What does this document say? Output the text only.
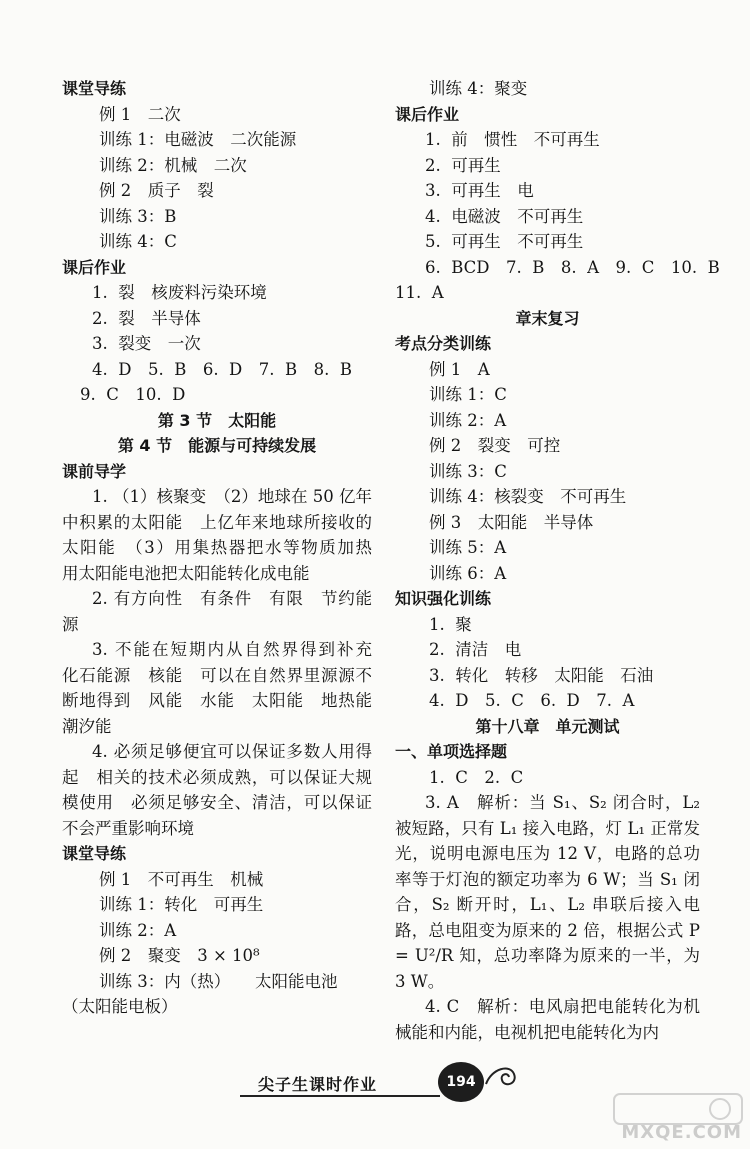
课堂导练
例 1　二次
训练 1：电磁波　二次能源
训练 2：机械　二次
例 2　质子　裂
训练 3：B
训练 4：C
课后作业
1.  裂　核废料污染环境
2.  裂　半导体
3.  裂变　一次
4.  D　5.  B　6.  D　7.  B　8.  B
9.  C　10.  D
第 3 节　太阳能
第 4 节　能源与可持续发展
课前导学
1. （1）核聚变　（2）地球在 50 亿年中积累的太阳能　上亿年来地球所接收的太阳能　（3）用集热器把水等物质加热　用太阳能电池把太阳能转化成电能
2. 有方向性　有条件　有限　节约能源
3. 不能在短期内从自然界得到补充　化石能源　核能　可以在自然界里源源不断地得到　风能　水能　太阳能　地热能　潮汐能
4. 必须足够便宜可以保证多数人用得起　相关的技术必须成熟，可以保证大规模使用　必须足够安全、清洁，可以保证不会严重影响环境
课堂导练
例 1　不可再生　机械
训练 1：转化　可再生
训练 2：A
例 2　聚变　3 × 10⁸
训练 3：内（热）　　太阳能电池
（太阳能电板）
训练 4：聚变
课后作业
1.  前　惯性　不可再生
2.  可再生
3.  可再生　电
4.  电磁波　不可再生
5.  可再生　不可再生
6.  BCD　7.  B　8.  A　9.  C　10.  B
11.  A
章末复习
考点分类训练
例 1　A
训练 1：C
训练 2：A
例 2　裂变　可控
训练 3：C
训练 4：核裂变　不可再生
例 3　太阳能　半导体
训练 5：A
训练 6：A
知识强化训练
1.  聚
2.  清洁　电
3.  转化　转移　太阳能　石油
4.  D　5.  C　6.  D　7.  A
第十八章　单元测试
一、单项选择题
1.  C　2.  C
3. A　解析：当 S₁、S₂ 闭合时，L₂ 被短路，只有 L₁ 接入电路，灯 L₁ 正常发光，说明电源电压为 12 V，电路的总功率等于灯泡的额定功率为 6 W；当 S₁ 闭合，S₂ 断开时，L₁、L₂ 串联后接入电路，总电阻变为原来的 2 倍，根据公式 P = U²/R 知，总功率降为原来的一半，为 3 W。
4. C　解析：电风扇把电能转化为机械能和内能，电视机把电能转化为内
尖子生课时作业	194
MXQE.COM
